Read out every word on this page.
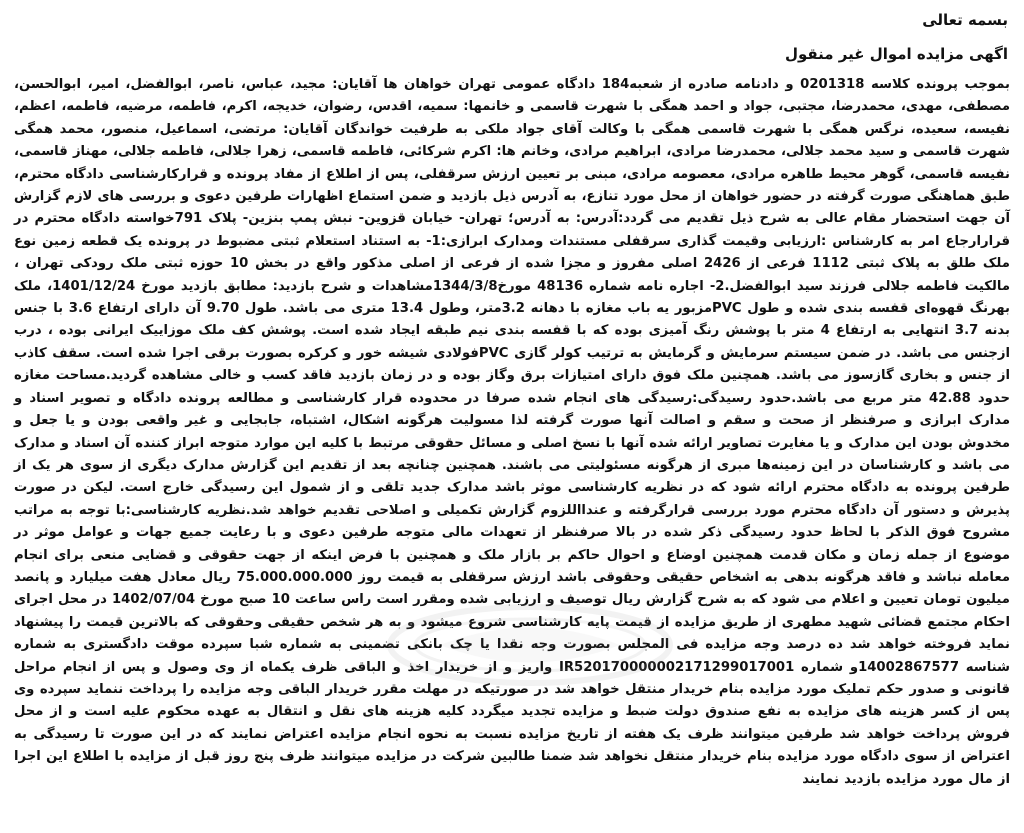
بسمه تعالی
اگهی مزایده اموال غیر منقول

بموجب پرونده کلاسه 0201318 و دادنامه صادره از شعبه184 دادگاه عمومی تهران خواهان ها آقایان: مجید، عباس، ناصر، ابوالفضل، امیر، ابوالحسن، مصطفی، مهدی، محمدرضا، مجتبی، جواد و احمد همگی با شهرت قاسمی و خانمها: سمیه، اقدس، رضوان، خدیجه، اکرم، فاطمه، مرضیه، فاطمه، اعظم، نفیسه، سعیده، نرگس همگی با شهرت قاسمی همگی با وکالت آقای جواد ملکی به طرفیت خواندگان آقایان: مرتضی، اسماعیل، منصور، محمد همگی شهرت قاسمی و سید محمد جلالی، محمدرضا مرادی، ابراهیم مرادی، وخانم ها: اکرم شرکائی، فاطمه قاسمی، زهرا جلالی، فاطمه جلالی، مهناز قاسمی، نفیسه قاسمی، گوهر محیط طاهره مرادی، معصومه مرادی، مبنی بر تعیین ارزش سرقفلی، پس از اطلاع از مفاد پرونده و قرارکارشناسی دادگاه محترم، طبق هماهنگی صورت گرفته در حضور خواهان از محل مورد تنازع، به آدرس ذیل بازدید و ضمن استماع اظهارات طرفین دعوی و بررسی های لازم گزارش آن جهت استحضار مقام عالی به شرح ذیل تقدیم می گردد:آدرس: به آدرس؛ تهران- خیابان قزوین- نبش پمپ بنزین- پلاک 791خواسته دادگاه محترم در قرارارجاع امر به کارشناس :ارزیابی وقیمت گذاری سرقفلی مستندات ومدارک ابرازی:1- به استناد استعلام ثبتی مضبوط در پرونده یک قطعه زمین نوع ملک طلق به پلاک ثبتی 1112 فرعی از 2426 اصلی مفروز و مجزا شده از فرعی از اصلی مذکور واقع در بخش 10 حوزه ثبتی ملک رودکی تهران ، مالکیت فاطمه جلالی فرزند سید ابوالفضل.2- اجاره نامه شماره 48136 مورخ1344/3/8مشاهدات و شرح بازدید: مطابق بازدید مورخ 1401/12/24، ملک بهرنگ قهوه‌ای قفسه بندی شده و طول PVCمزبور یه باب مغازه با دهانه 3.2متر، وطول 13.4 متری می باشد. طول 9.70 آن دارای ارتفاع 3.6 با جنس بدنه 3.7 انتهایی به ارتفاع 4 متر با پوشش رنگ آمیزی بوده که با قفسه بندی نیم طبقه ایجاد شده است. پوشش کف ملک موزاییک ایرانی بوده ، درب ازجنس می باشد. در ضمن سیستم سرمایش و گرمایش به ترتیب کولر گازی PVCفولادی شیشه خور و کرکره بصورت برقی اجرا شده است. سقف کاذب از جنس و بخاری گازسوز می باشد. همچنین ملک فوق دارای امتیازات برق وگاز بوده و در زمان بازدید فاقد کسب و خالی مشاهده گردید.مساحت مغازه حدود 42.88 متر مربع می باشد.حدود رسیدگی:رسیدگی های انجام شده صرفا در محدوده قرار کارشناسی و مطالعه پرونده دادگاه و تصویر اسناد و مدارک ابرازی و صرفنظر از صحت و سقم و اصالت آنها صورت گرفته لذا مسولیت هرگونه اشکال، اشتباه، جابجایی و غیر واقعی بودن و یا جعل و مخدوش بودن این مدارک و یا مغایرت تصاویر ارائه شده آنها با نسخ اصلی و مسائل حقوقی مرتبط با کلیه این موارد متوجه ابراز کننده آن اسناد و مدارک می باشد و کارشناسان در این زمینه‌ها مبری از هرگونه مسئولیتی می باشند. همچنین چنانچه بعد از تقدیم این گزارش مدارک دیگری از سوی هر یک از طرفین پرونده به دادگاه محترم ارائه شود که در نظریه کارشناسی موثر باشد مدارک جدید تلقی و از شمول این رسیدگی خارج است. لیکن در صورت پذیرش و دستور آن دادگاه محترم مورد بررسی قرارگرفته و عندااللزوم گزارش تکمیلی و اصلاحی تقدیم خواهد شد.نظریه کارشناسی:با توجه به مراتب مشروح فوق الذکر با لحاظ حدود رسیدگی ذکر شده در بالا صرفنظر از تعهدات مالی متوجه طرفین دعوی و با رعایت جمیع جهات و عوامل موثر در موضوع از جمله زمان و مکان قدمت همچنین اوضاع و احوال حاکم بر بازار ملک و همچنین با فرض اینکه از جهت حقوقی و قضایی منعی برای انجام معامله نباشد و فاقد هرگونه بدهی به اشخاص حقیقی وحقوقی باشد ارزش سرقفلی به قیمت روز 75.000.000.000 ریال معادل هفت میلیارد و پانصد میلیون تومان تعیین و اعلام می شود که به شرح گزارش ریال توصیف و ارزیابی شده ومقرر است راس ساعت 10 صبح مورخ 1402/07/04 در محل اجرای احکام مجتمع قضائی شهید مطهری از طریق مزایده از قیمت پایه کارشناسی شروع میشود و به هر شخص حقیقی وحقوقی که بالاترین قیمت را پیشنهاد نماید فروخته خواهد شد ده درصد وجه مزایده فی المجلس بصورت وجه نقدا یا چک بانکی تضمینی به شماره شبا سپرده موقت دادگستری به شماره شناسه 14002867577و شماره IR520170000002171299017001 واریز و از خریدار اخذ و الباقی ظرف یکماه از وی وصول و پس از انجام مراحل قانونی و صدور حکم تملیک مورد مزایده بنام خریدار منتقل خواهد شد در صورتیکه در مهلت مقرر خریدار الباقی وجه مزایده را پرداخت ننماید سپرده وی پس از کسر هزینه های مزایده به نفع صندوق دولت ضبط و مزایده تجدید میگردد کلیه هزینه های نقل و انتقال به عهده محکوم علیه است و از محل فروش پرداخت خواهد شد طرفین میتوانند ظرف یک هفته از تاریخ مزایده نسبت به نحوه انجام مزایده اعتراض نمایند که در این صورت تا رسیدگی به اعتراض از سوی دادگاه مورد مزایده بنام خریدار منتقل نخواهد شد ضمنا طالبین شرکت در مزایده میتوانند ظرف پنج روز قبل از مزایده با اطلاع این اجرا از مال مورد مزایده بازدید نمایند
